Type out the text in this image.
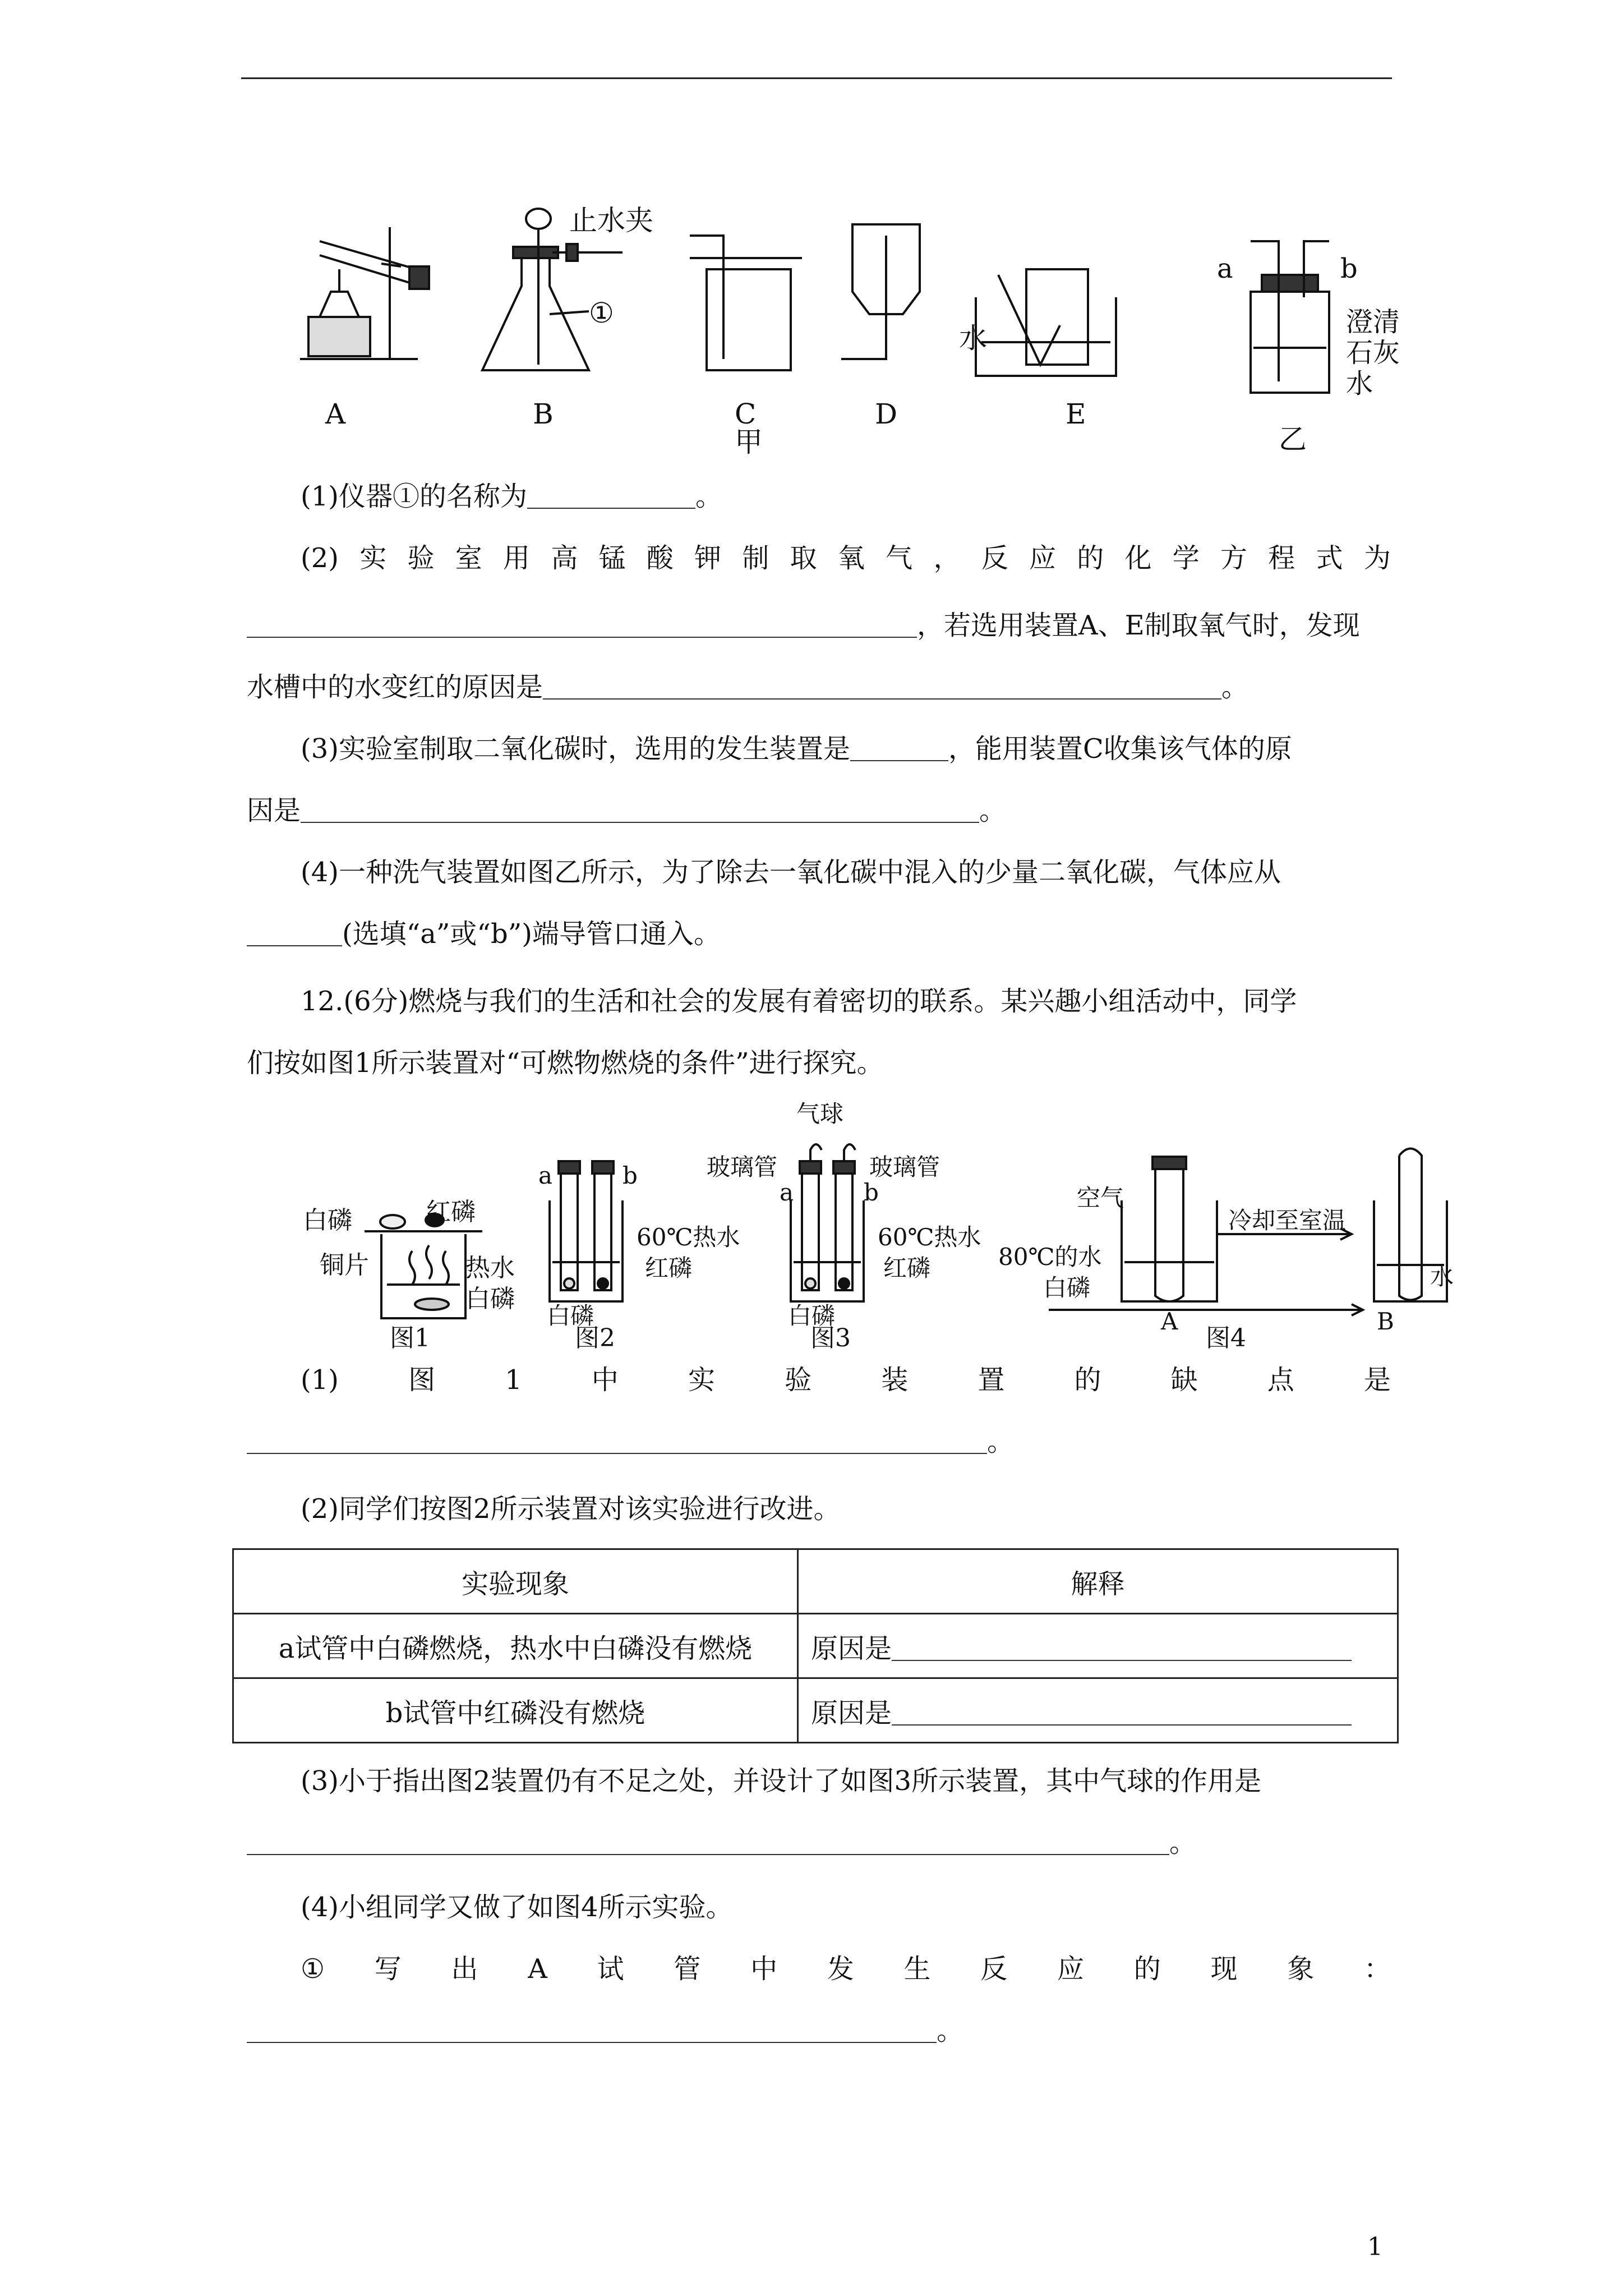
A	B	C	D	E
甲
止水夹
①
水
a	b
澄清
石灰
水
乙
(1)仪器①的名称为	。
(2) 实 验 室 用 高 锰 酸 钾 制 取 氧 气 ， 反 应 的 化 学 方 程 式 为
，若选用装置A、E制取氧气时，发现
水槽中的水变红的原因是	。
(3)实验室制取二氧化碳时，选用的发生装置是	，能用装置C收集该气体的原
因是	。
(4)一种洗气装置如图乙所示，为了除去一氧化碳中混入的少量二氧化碳，气体应从
(选填“a”或“b”)端导管口通入。
12.(6分)燃烧与我们的生活和社会的发展有着密切的联系。某兴趣小组活动中，同学
们按如图1所示装置对“可燃物燃烧的条件”进行探究。
红磷
白磷
铜片	热水
白磷
图1
a	b
60℃热水
红磷
白磷
图2
气球
玻璃管	玻璃管
a	b
60℃热水
红磷
白磷
图3
空气
冷却至室温
80℃的水
白磷
A	B
水
图4
(1)	图	1	中	实	验	装	置	的	缺	点	是
。
(2)同学们按图2所示装置对该实验进行改进。
实验现象	解释
a试管中白磷燃烧，热水中白磷没有燃烧	原因是
b试管中红磷没有燃烧	原因是
(3)小于指出图2装置仍有不足之处，并设计了如图3所示装置，其中气球的作用是
。
(4)小组同学又做了如图4所示实验。
① 写 出 A 试 管 中 发 生 反 应 的 现 象 ：
。
1
